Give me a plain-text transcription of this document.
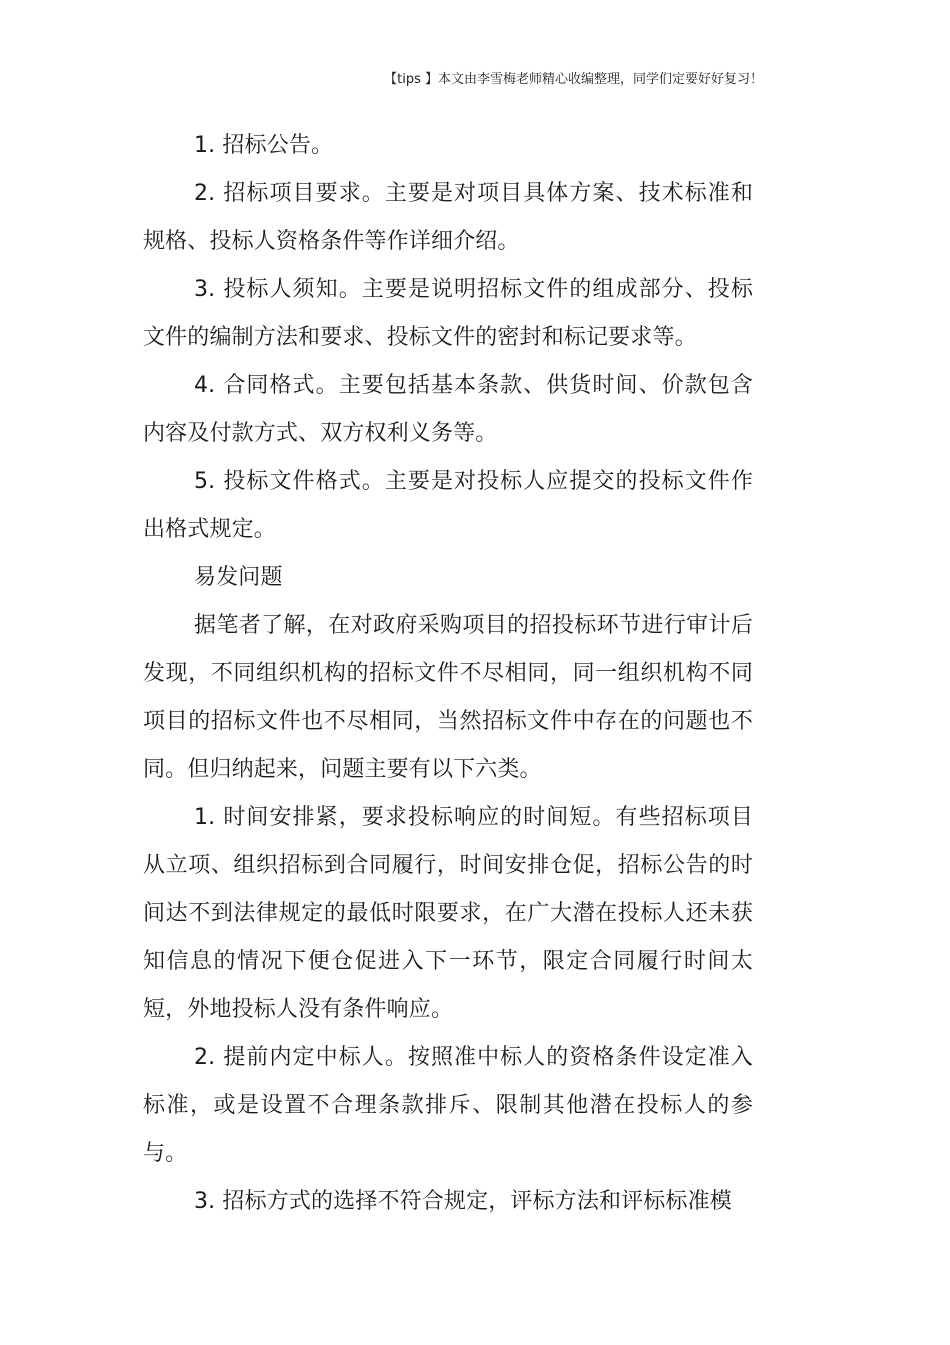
【tips 】本文由李雪梅老师精心收编整理，同学们定要好好复习！

1. 招标公告。

2. 招标项目要求。主要是对项目具体方案、技术标准和规格、投标人资格条件等作详细介绍。

3. 投标人须知。主要是说明招标文件的组成部分、投标文件的编制方法和要求、投标文件的密封和标记要求等。

4. 合同格式。主要包括基本条款、供货时间、价款包含内容及付款方式、双方权利义务等。

5. 投标文件格式。主要是对投标人应提交的投标文件作出格式规定。

易发问题

据笔者了解，在对政府采购项目的招投标环节进行审计后发现，不同组织机构的招标文件不尽相同，同一组织机构不同项目的招标文件也不尽相同，当然招标文件中存在的问题也不同。但归纳起来，问题主要有以下六类。

1. 时间安排紧，要求投标响应的时间短。有些招标项目从立项、组织招标到合同履行，时间安排仓促，招标公告的时间达不到法律规定的最低时限要求，在广大潜在投标人还未获知信息的情况下便仓促进入下一环节，限定合同履行时间太短，外地投标人没有条件响应。

2. 提前内定中标人。按照准中标人的资格条件设定准入标准，或是设置不合理条款排斥、限制其他潜在投标人的参与。

3. 招标方式的选择不符合规定，评标方法和评标标准模
